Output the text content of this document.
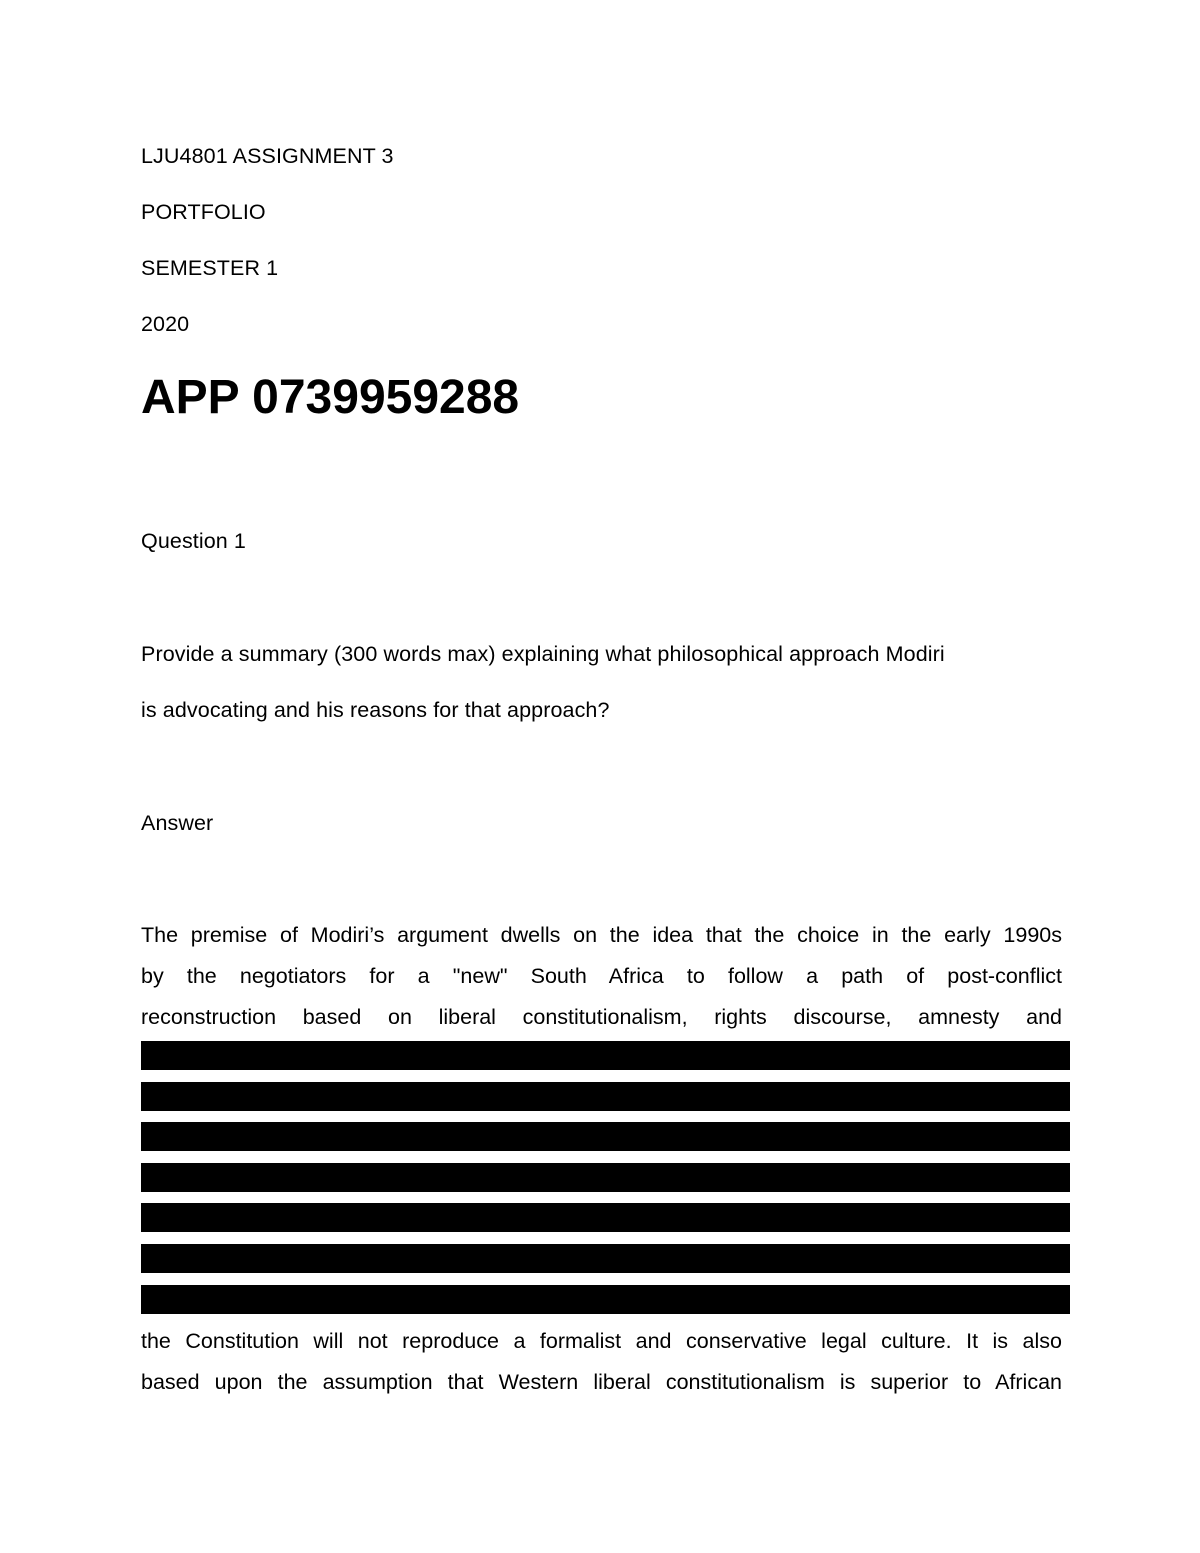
LJU4801 ASSIGNMENT 3
PORTFOLIO
SEMESTER 1
2020
APP 0739959288
Question 1
Provide a summary (300 words max) explaining what philosophical approach Modiri
is advocating and his reasons for that approach?
Answer
The premise of Modiri’s argument dwells on the idea that the choice in the early 1990s
by the negotiators for a "new" South Africa to follow a path of post-conflict
reconstruction based on liberal constitutionalism, rights discourse, amnesty and
the Constitution will not reproduce a formalist and conservative legal culture. It is also
based upon the assumption that Western liberal constitutionalism is superior to African
